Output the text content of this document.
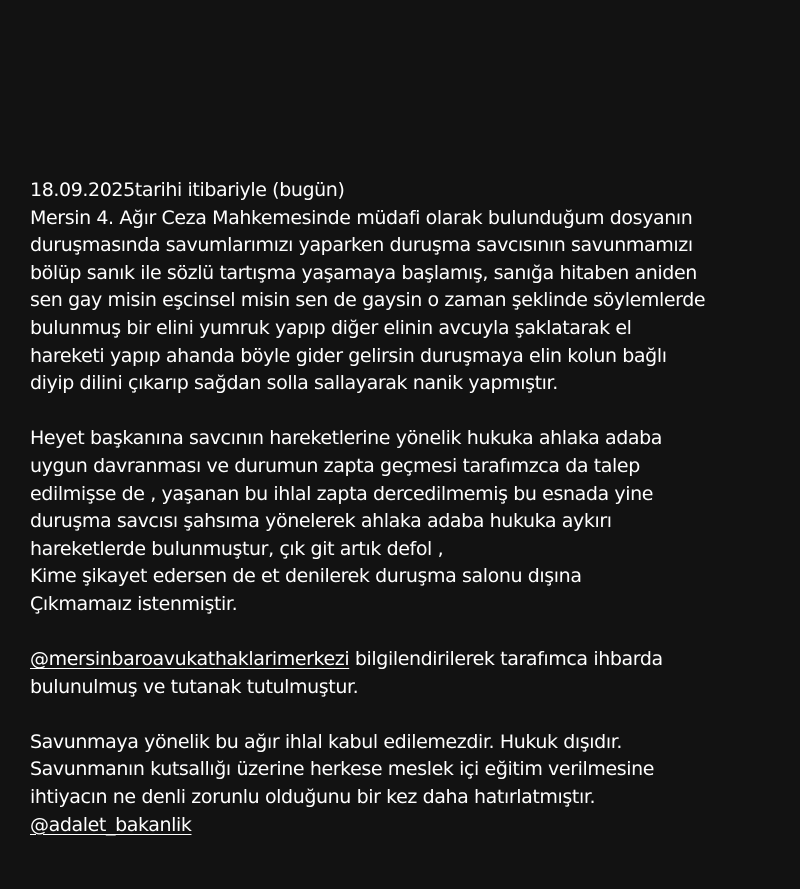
18.09.2025tarihi itibariyle (bugün)
Mersin 4. Ağır Ceza Mahkemesinde müdafi olarak bulunduğum dosyanın
duruşmasında savumlarımızı yaparken duruşma savcısının savunmamızı
bölüp sanık ile sözlü tartışma yaşamaya başlamış, sanığa hitaben aniden
sen gay misin eşcinsel misin sen de gaysin o zaman şeklinde söylemlerde
bulunmuş bir elini yumruk yapıp diğer elinin avcuyla şaklatarak el
hareketi yapıp ahanda böyle gider gelirsin duruşmaya elin kolun bağlı
diyip dilini çıkarıp sağdan solla sallayarak nanik yapmıştır.
Heyet başkanına savcının hareketlerine yönelik hukuka ahlaka adaba
uygun davranması ve durumun zapta geçmesi tarafımzca da talep
edilmişse de , yaşanan bu ihlal zapta dercedilmemiş bu esnada yine
duruşma savcısı şahsıma yönelerek ahlaka adaba hukuka aykırı
hareketlerde bulunmuştur, çık git artık defol ,
Kime şikayet edersen de et denilerek duruşma salonu dışına
Çıkmamaız istenmiştir.
@mersinbaroavukathaklarimerkezi bilgilendirilerek tarafımca ihbarda
bulunulmuş ve tutanak tutulmuştur.
Savunmaya yönelik bu ağır ihlal kabul edilemezdir. Hukuk dışıdır.
Savunmanın kutsallığı üzerine herkese meslek içi eğitim verilmesine
ihtiyacın ne denli zorunlu olduğunu bir kez daha hatırlatmıştır.
@adalet_bakanlik
